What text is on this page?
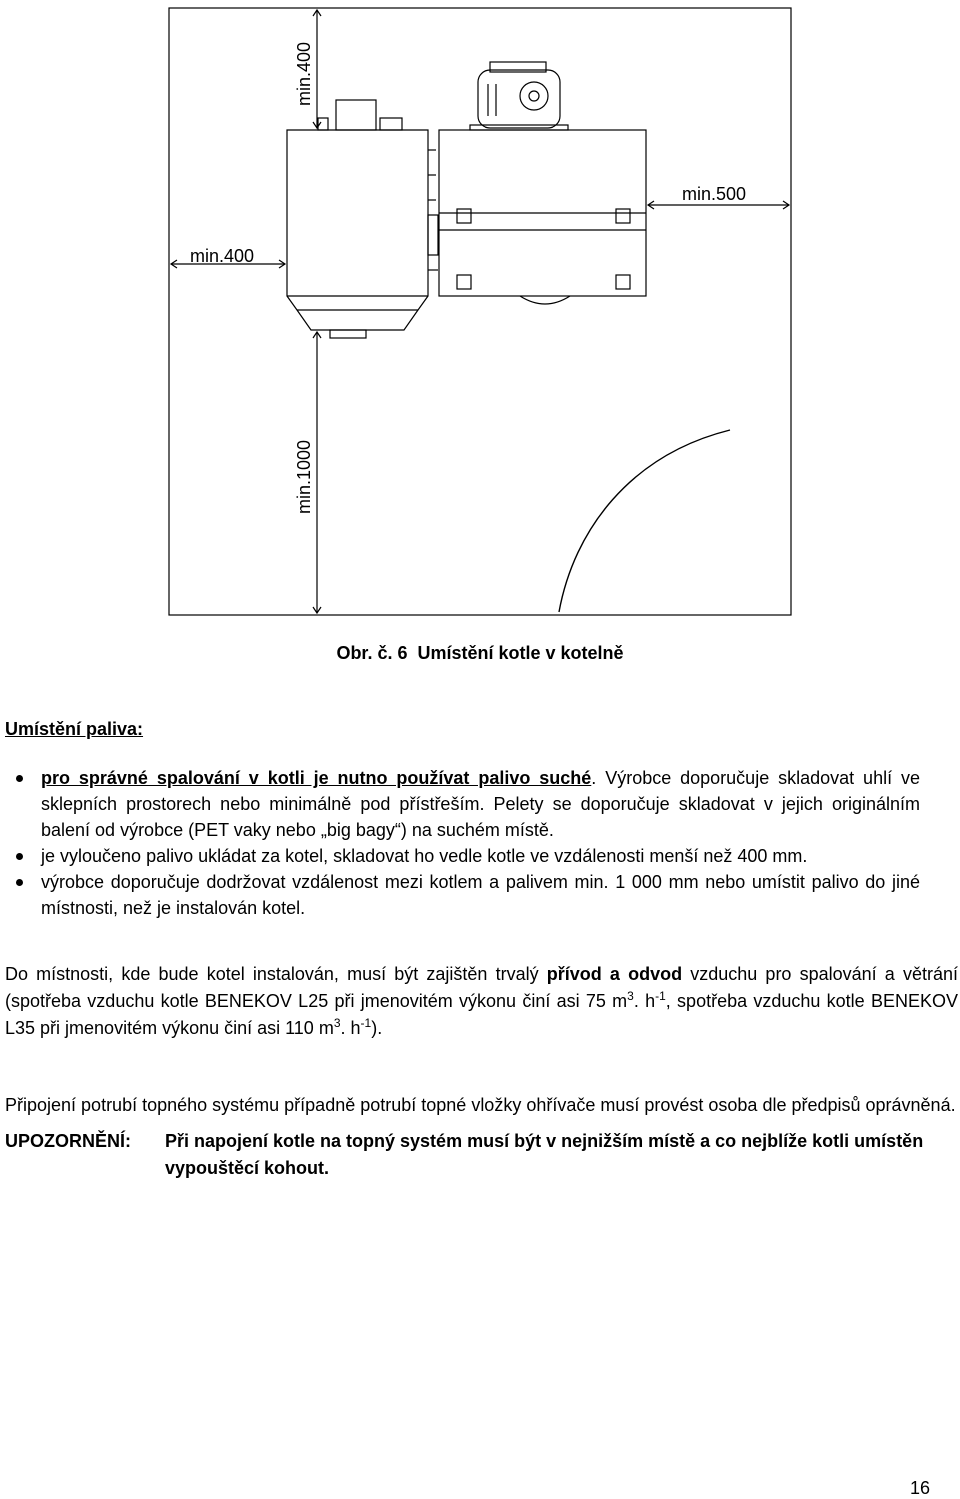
min.400
min.400
min.500
min.1000
Obr. č. 6 Umístění kotle v kotelně
Umístění paliva:
pro správné spalování v kotli je nutno používat palivo suché. Výrobce doporučuje skladovat uhlí ve sklepních prostorech nebo minimálně pod přístřeším. Pelety se doporučuje skladovat v jejich originálním balení od výrobce (PET vaky nebo „big bagy“) na suchém místě.
je vyloučeno palivo ukládat za kotel, skladovat ho vedle kotle ve vzdálenosti menší než 400 mm.
výrobce doporučuje dodržovat vzdálenost mezi kotlem a palivem min. 1 000 mm nebo umístit palivo do jiné místnosti, než je instalován kotel.

Do místnosti, kde bude kotel instalován, musí být zajištěn trvalý přívod a odvod vzduchu pro spalování a větrání (spotřeba vzduchu kotle BENEKOV L25 při jmenovitém výkonu činí asi 75 $m^3$. $h^{-1}$, spotřeba vzduchu kotle BENEKOV L35 při jmenovitém výkonu činí asi 110 $m^3$. $h^{-1}$).

Připojení potrubí topného systému případně potrubí topné vložky ohřívače musí provést osoba dle předpisů oprávněná.

UPOZORNĚNÍ: Při napojení kotle na topný systém musí být v nejnižším místě a co nejblíže kotli umístěn vypouštěcí kohout.
16
